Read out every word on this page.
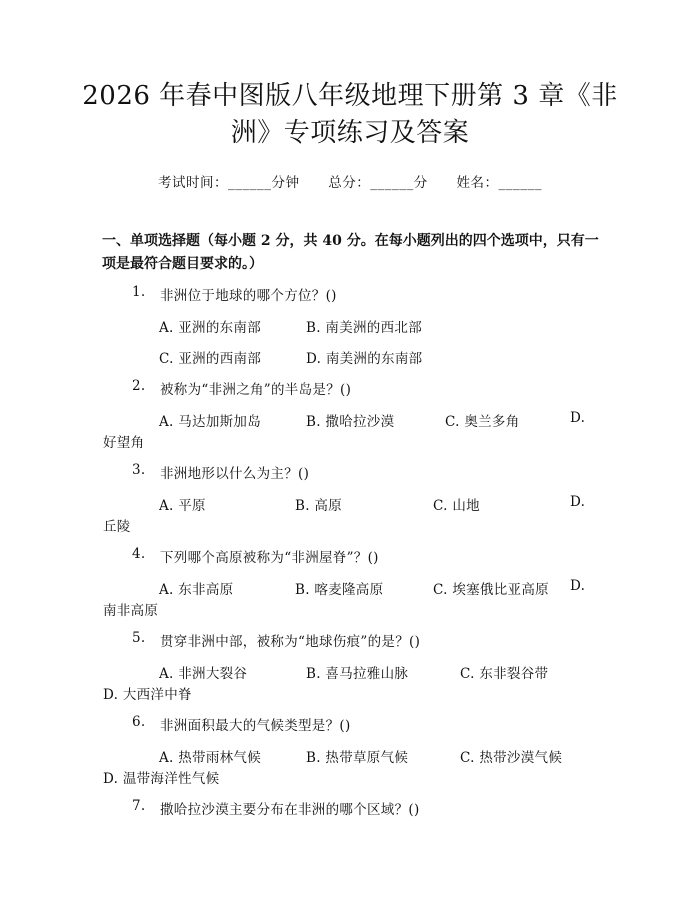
2026 年春中图版八年级地理下册第 3 章《非
洲》专项练习及答案
考试时间：______分钟      总分：______分      姓名：______
一、单项选择题（每小题 2 分，共 40 分。在每小题列出的四个选项中，只有一项是最符合题目要求的。）
1. 非洲位于地球的哪个方位？()
A. 亚洲的东南部	B. 南美洲的西北部
C. 亚洲的西南部	D. 南美洲的东南部
2. 被称为“非洲之角”的半岛是？()
A. 马达加斯加岛	B. 撒哈拉沙漠	C. 奥兰多角	D.
好望角
3. 非洲地形以什么为主？()
A. 平原	B. 高原	C. 山地	D.
丘陵
4. 下列哪个高原被称为“非洲屋脊”？()
A. 东非高原	B. 喀麦隆高原	C. 埃塞俄比亚高原 D.
南非高原
5. 贯穿非洲中部，被称为“地球伤痕”的是？()
A. 非洲大裂谷	B. 喜马拉雅山脉	C. 东非裂谷带
D. 大西洋中脊
6. 非洲面积最大的气候类型是？()
A. 热带雨林气候	B. 热带草原气候	C. 热带沙漠气候
D. 温带海洋性气候
7. 撒哈拉沙漠主要分布在非洲的哪个区域？()
